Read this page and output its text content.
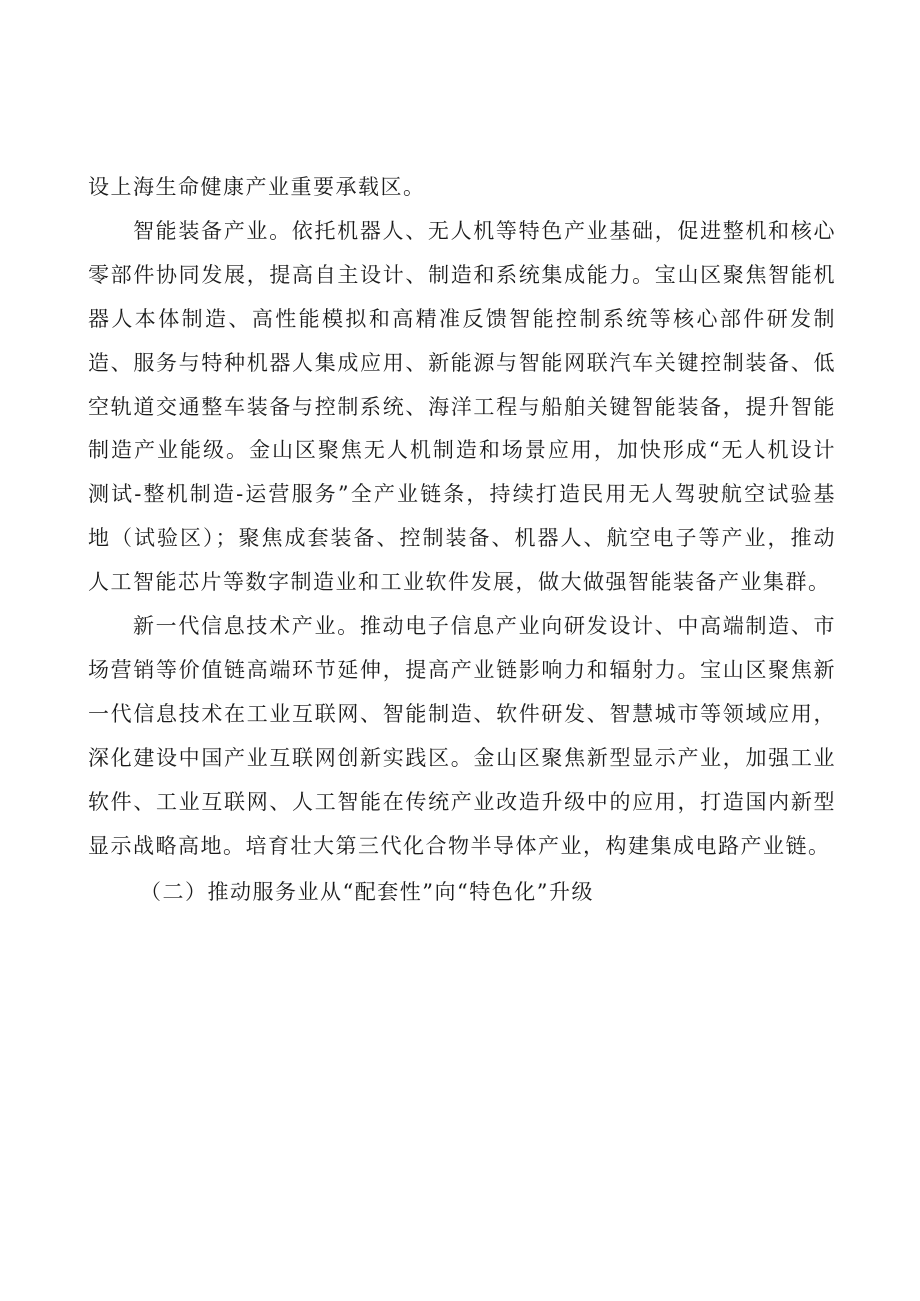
设上海生命健康产业重要承载区。

智能装备产业。依托机器人、无人机等特色产业基础，促进整机和核心零部件协同发展，提高自主设计、制造和系统集成能力。宝山区聚焦智能机器人本体制造、高性能模拟和高精准反馈智能控制系统等核心部件研发制造、服务与特种机器人集成应用、新能源与智能网联汽车关键控制装备、低空轨道交通整车装备与控制系统、海洋工程与船舶关键智能装备，提升智能制造产业能级。金山区聚焦无人机制造和场景应用，加快形成“无人机设计测试-整机制造-运营服务”全产业链条，持续打造民用无人驾驶航空试验基地（试验区）；聚焦成套装备、控制装备、机器人、航空电子等产业，推动人工智能芯片等数字制造业和工业软件发展，做大做强智能装备产业集群。

新一代信息技术产业。推动电子信息产业向研发设计、中高端制造、市场营销等价值链高端环节延伸，提高产业链影响力和辐射力。宝山区聚焦新一代信息技术在工业互联网、智能制造、软件研发、智慧城市等领域应用，深化建设中国产业互联网创新实践区。金山区聚焦新型显示产业，加强工业软件、工业互联网、人工智能在传统产业改造升级中的应用，打造国内新型显示战略高地。培育壮大第三代化合物半导体产业，构建集成电路产业链。

（二）推动服务业从“配套性”向“特色化”升级
